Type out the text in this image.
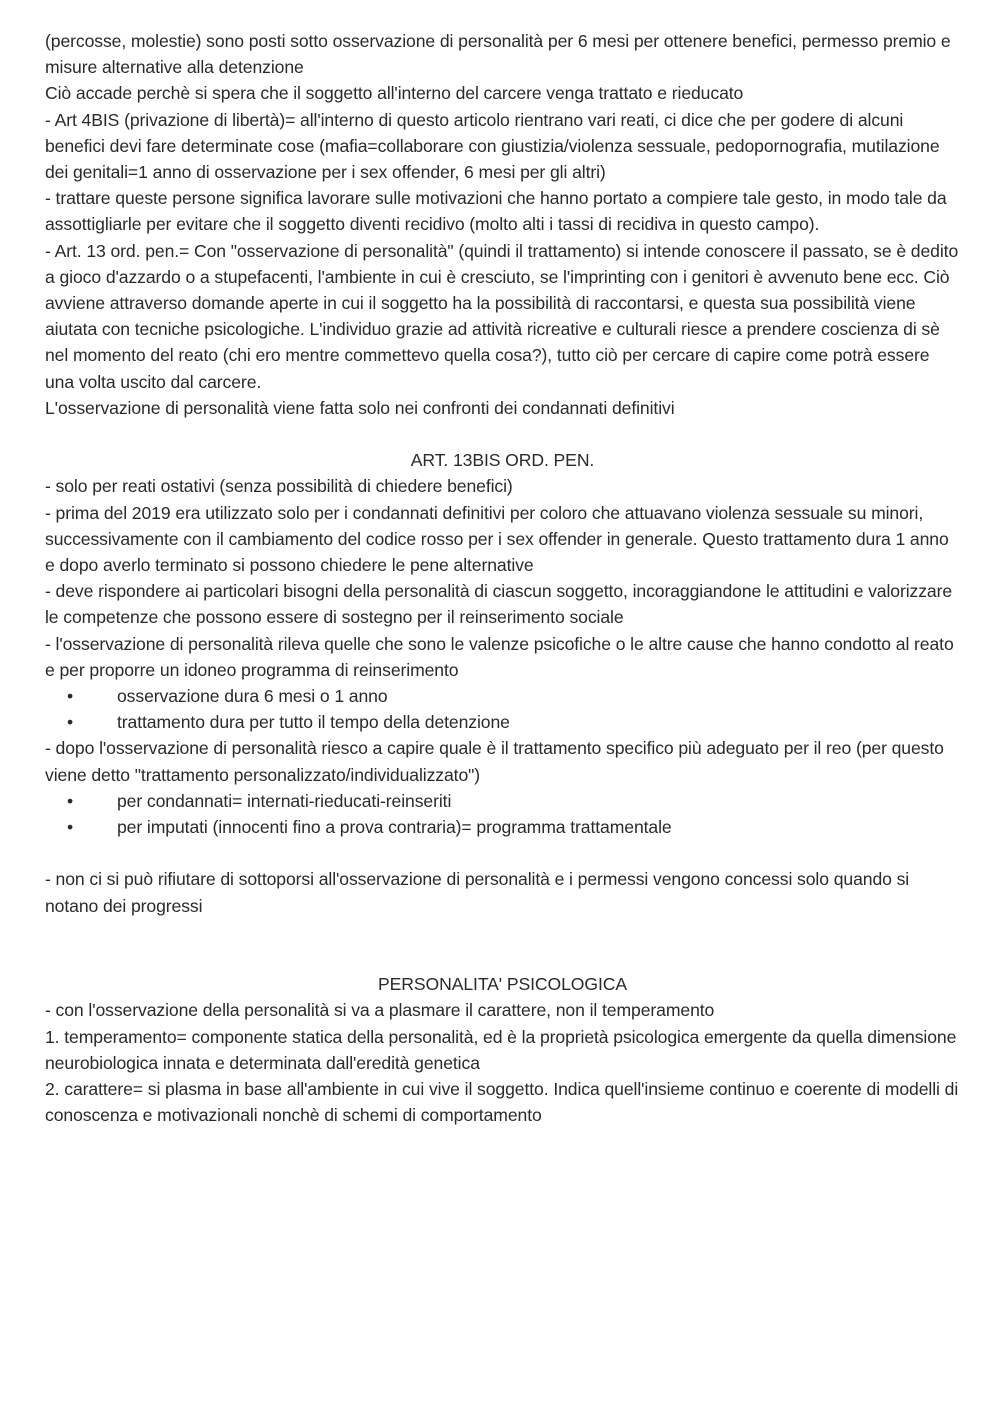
(percosse, molestie) sono posti sotto osservazione di personalità per 6 mesi per ottenere benefici, permesso premio e misure alternative alla detenzione

Ciò accade perchè si spera che il soggetto all'interno del carcere venga trattato e rieducato

- Art 4BIS (privazione di libertà)= all'interno di questo articolo rientrano vari reati, ci dice che per godere di alcuni benefici devi fare determinate cose (mafia=collaborare con giustizia/violenza sessuale, pedopornografia, mutilazione dei genitali=1 anno di osservazione per i sex offender, 6 mesi per gli altri)

- trattare queste persone significa lavorare sulle motivazioni che hanno portato a compiere tale gesto, in modo tale da assottigliarle per evitare che il soggetto diventi recidivo (molto alti i tassi di recidiva in questo campo).

- Art. 13 ord. pen.= Con "osservazione di personalità" (quindi il trattamento) si intende conoscere il passato, se è dedito a gioco d'azzardo o a stupefacenti, l'ambiente in cui è cresciuto, se l'imprinting con i genitori è avvenuto bene ecc. Ciò avviene attraverso domande aperte in cui il soggetto ha la possibilità di raccontarsi, e questa sua possibilità viene aiutata con tecniche psicologiche. L'individuo grazie ad attività ricreative e culturali riesce a prendere coscienza di sè nel momento del reato (chi ero mentre commettevo quella cosa?), tutto ciò per cercare di capire come potrà essere una volta uscito dal carcere.

L'osservazione di personalità viene fatta solo nei confronti dei condannati definitivi

ART. 13BIS ORD. PEN.

- solo per reati ostativi (senza possibilità di chiedere benefici)

- prima del 2019 era utilizzato solo per i condannati definitivi per coloro che attuavano violenza sessuale su minori, successivamente con il cambiamento del codice rosso per i sex offender in generale. Questo trattamento dura 1 anno e dopo averlo terminato si possono chiedere le pene alternative

- deve rispondere ai particolari bisogni della personalità di ciascun soggetto, incoraggiandone le attitudini e valorizzare le competenze che possono essere di sostegno per il reinserimento sociale

- l'osservazione di personalità rileva quelle che sono le valenze psicofiche o le altre cause che hanno condotto al reato e per proporre un idoneo programma di reinserimento

•	osservazione dura 6 mesi o 1 anno
•	trattamento dura per tutto il tempo della detenzione

- dopo l'osservazione di personalità riesco a capire quale è il trattamento specifico più adeguato per il reo (per questo viene detto "trattamento personalizzato/individualizzato")

•	per condannati= internati-rieducati-reinseriti
•	per imputati (innocenti fino a prova contraria)= programma trattamentale

- non ci si può rifiutare di sottoporsi all'osservazione di personalità e i permessi vengono concessi solo quando si notano dei progressi

PERSONALITA' PSICOLOGICA

- con l'osservazione della personalità si va a plasmare il carattere, non il temperamento

1. temperamento= componente statica della personalità, ed è la proprietà psicologica emergente da quella dimensione neurobiologica innata e determinata dall'eredità genetica

2. carattere= si plasma in base all'ambiente in cui vive il soggetto. Indica quell'insieme continuo e coerente di modelli di conoscenza e motivazionali nonchè di schemi di comportamento
